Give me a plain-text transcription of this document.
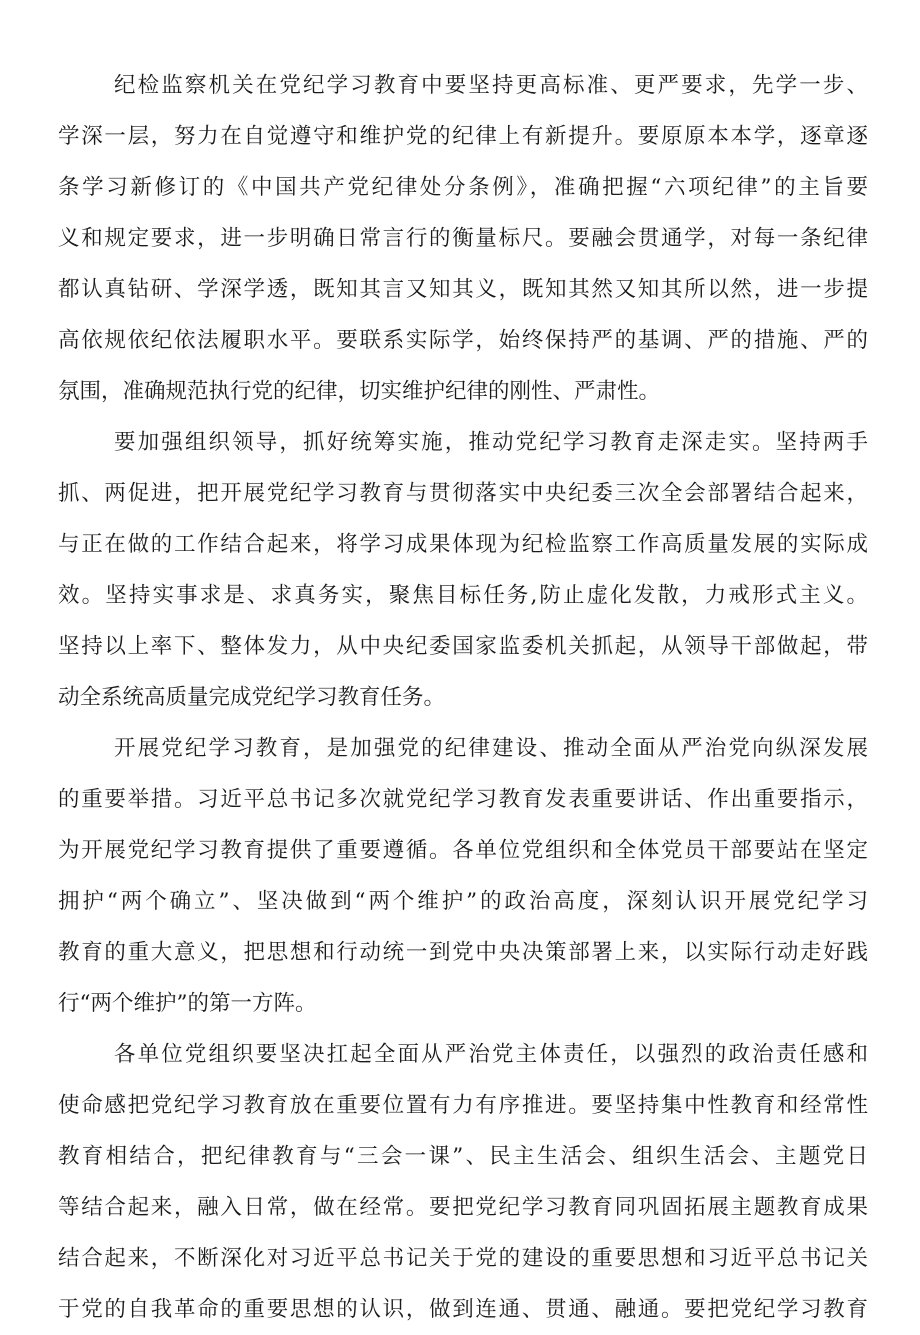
纪检监察机关在党纪学习教育中要坚持更高标准、更严要求，先学一步、
学深一层，努力在自觉遵守和维护党的纪律上有新提升。要原原本本学，逐章逐
条学习新修订的《中国共产党纪律处分条例》，准确把握“六项纪律”的主旨要
义和规定要求，进一步明确日常言行的衡量标尺。要融会贯通学，对每一条纪律
都认真钻研、学深学透，既知其言又知其义，既知其然又知其所以然，进一步提
高依规依纪依法履职水平。要联系实际学，始终保持严的基调、严的措施、严的
氛围，准确规范执行党的纪律，切实维护纪律的刚性、严肃性。
要加强组织领导，抓好统筹实施，推动党纪学习教育走深走实。坚持两手
抓、两促进，把开展党纪学习教育与贯彻落实中央纪委三次全会部署结合起来，
与正在做的工作结合起来，将学习成果体现为纪检监察工作高质量发展的实际成
效。坚持实事求是、求真务实，聚焦目标任务,防止虚化发散，力戒形式主义。
坚持以上率下、整体发力，从中央纪委国家监委机关抓起，从领导干部做起，带
动全系统高质量完成党纪学习教育任务。
开展党纪学习教育，是加强党的纪律建设、推动全面从严治党向纵深发展
的重要举措。习近平总书记多次就党纪学习教育发表重要讲话、作出重要指示，
为开展党纪学习教育提供了重要遵循。各单位党组织和全体党员干部要站在坚定
拥护“两个确立”、坚决做到“两个维护”的政治高度，深刻认识开展党纪学习
教育的重大意义，把思想和行动统一到党中央决策部署上来，以实际行动走好践
行“两个维护”的第一方阵。
各单位党组织要坚决扛起全面从严治党主体责任，以强烈的政治责任感和
使命感把党纪学习教育放在重要位置有力有序推进。要坚持集中性教育和经常性
教育相结合，把纪律教育与“三会一课”、民主生活会、组织生活会、主题党日
等结合起来，融入日常，做在经常。要把党纪学习教育同巩固拓展主题教育成果
结合起来，不断深化对习近平总书记关于党的建设的重要思想和习近平总书记关
于党的自我革命的重要思想的认识，做到连通、贯通、融通。要把党纪学习教育
